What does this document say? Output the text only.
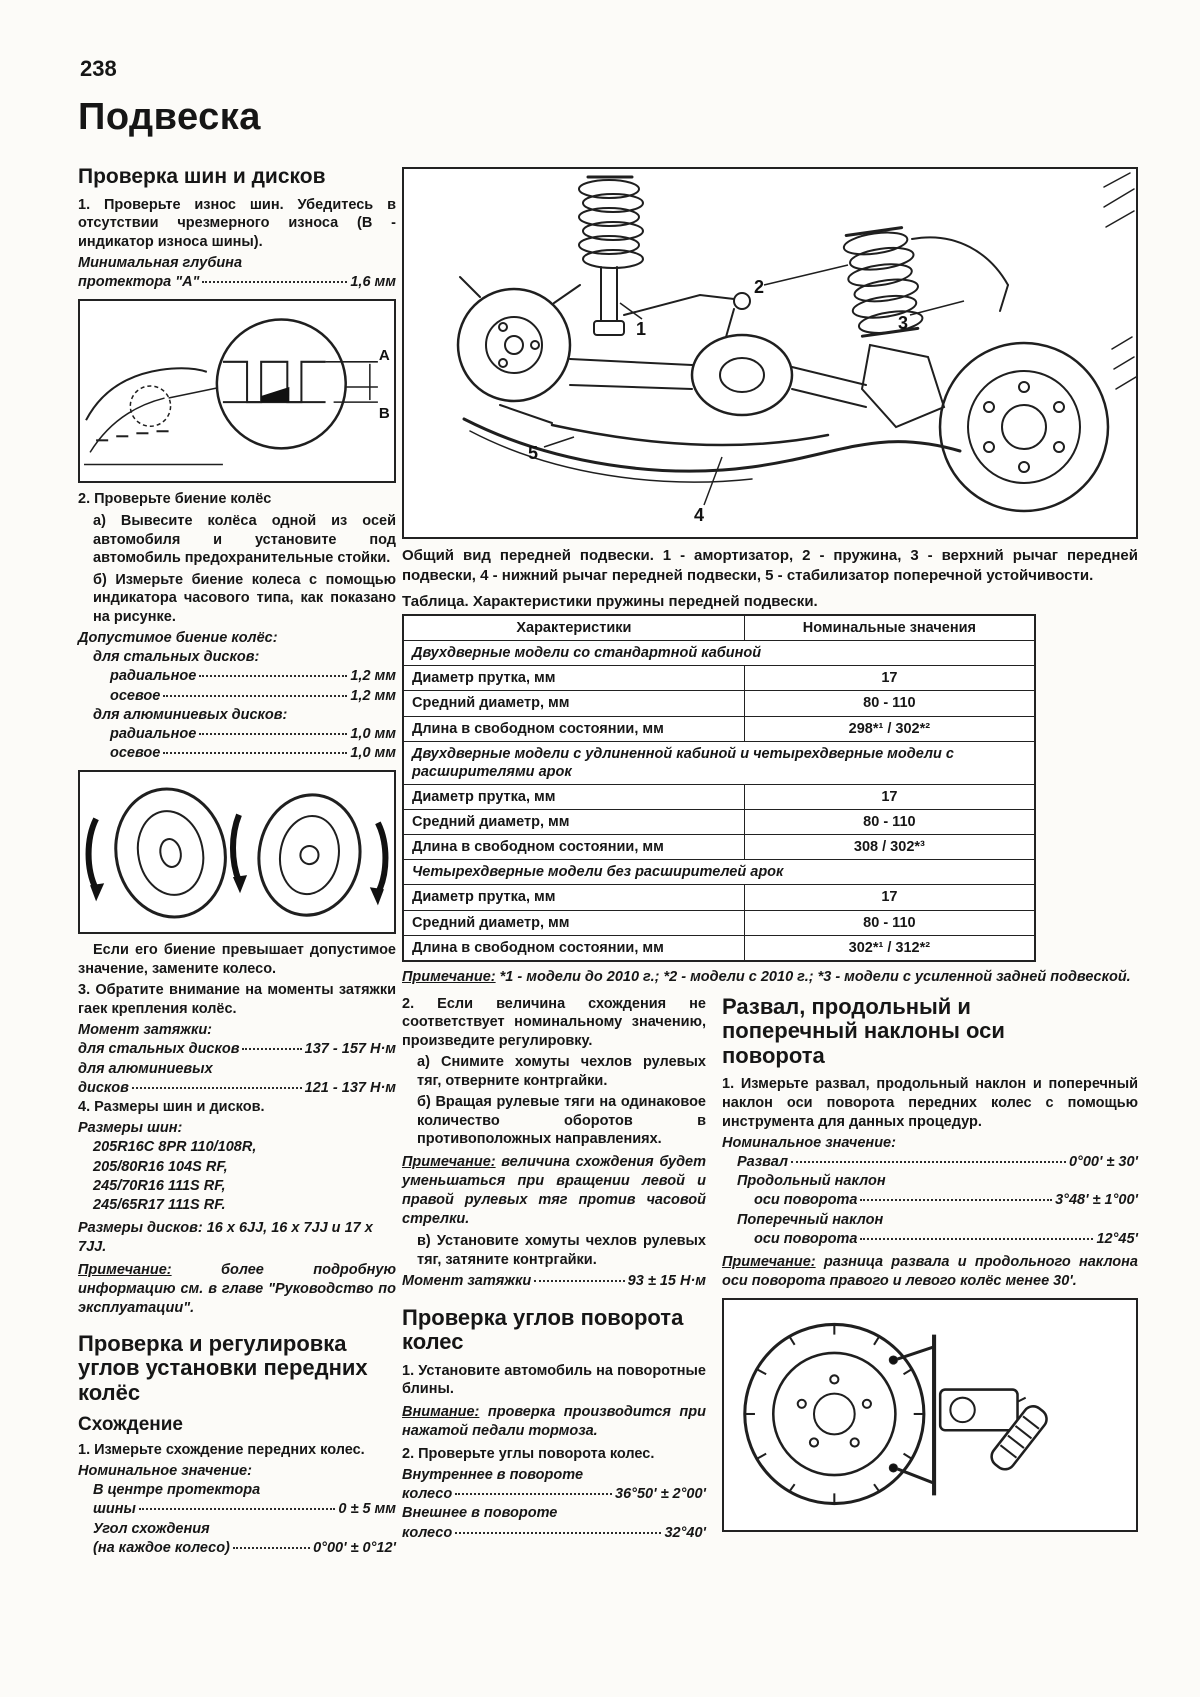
238
Подвеска
Проверка шин и дисков

1. Проверьте износ шин. Убедитесь в отсутствии чрезмерного износа (B - индикатор износа шины).

Минимальная глубина
протектора "А"	1,6 мм
A
B

2. Проверьте биение колёс

а) Вывесите колёса одной из осей автомобиля и установите под автомобиль предохранительные стойки.

б) Измерьте биение колеса с помощью индикатора часового типа, как показано на рисунке.

Допустимое биение колёс:
для стальных дисков:
радиальное	1,2 мм
осевое	1,2 мм
для алюминиевых дисков:
радиальное	1,0 мм
осевое	1,0 мм

Если его биение превышает допустимое значение, замените колесо.

3. Обратите внимание на моменты затяжки гаек крепления колёс.

Момент затяжки:
для стальных дисков	137 - 157 Н·м
для алюминиевых
дисков	121 - 137 Н·м

4. Размеры шин и дисков.

Размеры шин:
205R16C 8PR 110/108R,
205/80R16 104S RF,
245/70R16 111S RF,
245/65R17 111S RF.
Размеры дисков: 16 x 6JJ, 16 x 7JJ и 17 x 7JJ.

Примечание: более подробную информацию см. в главе "Руководство по эксплуатации".

Проверка и регулировка углов установки передних колёс
Схождение

1. Измерьте схождение передних колес.

Номинальное значение:
В центре протектора
шины	0 ± 5 мм
Угол схождения
(на каждое колесо)	0°00' ± 0°12'
1
2
3
4
5

Общий вид передней подвески. 1 - амортизатор, 2 - пружина, 3 - верхний рычаг передней подвески, 4 - нижний рычаг передней подвески, 5 - стабилизатор поперечной устойчивости.

Таблица. Характеристики пружины передней подвески.

Характеристики	Номинальные значения
Двухдверные модели со стандартной кабиной	
Диаметр прутка, мм	17
Средний диаметр, мм	80 - 110
Длина в свободном состоянии, мм	298*¹ / 302*²
Двухдверные модели с удлиненной кабиной и четырехдверные модели с расширителями арок	
Диаметр прутка, мм	17
Средний диаметр, мм	80 - 110
Длина в свободном состоянии, мм	308 / 302*³
Четырехдверные модели без расширителей арок	
Диаметр прутка, мм	17
Средний диаметр, мм	80 - 110
Длина в свободном состоянии, мм	302*¹ / 312*²

Примечание: *1 - модели до 2010 г.; *2 - модели с 2010 г.; *3 - модели с усиленной задней подвеской.

2. Если величина схождения не соответствует номинальному значению, произведите регулировку.

а) Снимите хомуты чехлов рулевых тяг, отверните контргайки.

б) Вращая рулевые тяги на одинаковое количество оборотов в противоположных направлениях.

Примечание: величина схождения будет уменьшаться при вращении левой и правой рулевых тяг против часовой стрелки.

в) Установите хомуты чехлов рулевых тяг, затяните контргайки.

Момент затяжки	93 ± 15 Н·м
Проверка углов поворота колес

1. Установите автомобиль на поворотные блины.

Внимание: проверка производится при нажатой педали тормоза.

2. Проверьте углы поворота колес.

Внутреннее в повороте
колесо	36°50' ± 2°00'
Внешнее в повороте
колесо	32°40'
Развал, продольный и поперечный наклоны оси поворота

1. Измерьте развал, продольный наклон и поперечный наклон оси поворота передних колес с помощью инструмента для данных процедур.

Номинальное значение:
Развал	0°00' ± 30'
Продольный наклон
оси поворота	3°48' ± 1°00'
Поперечный наклон
оси поворота	12°45'

Примечание: разница развала и продольного наклона оси поворота правого и левого колёс менее 30'.
